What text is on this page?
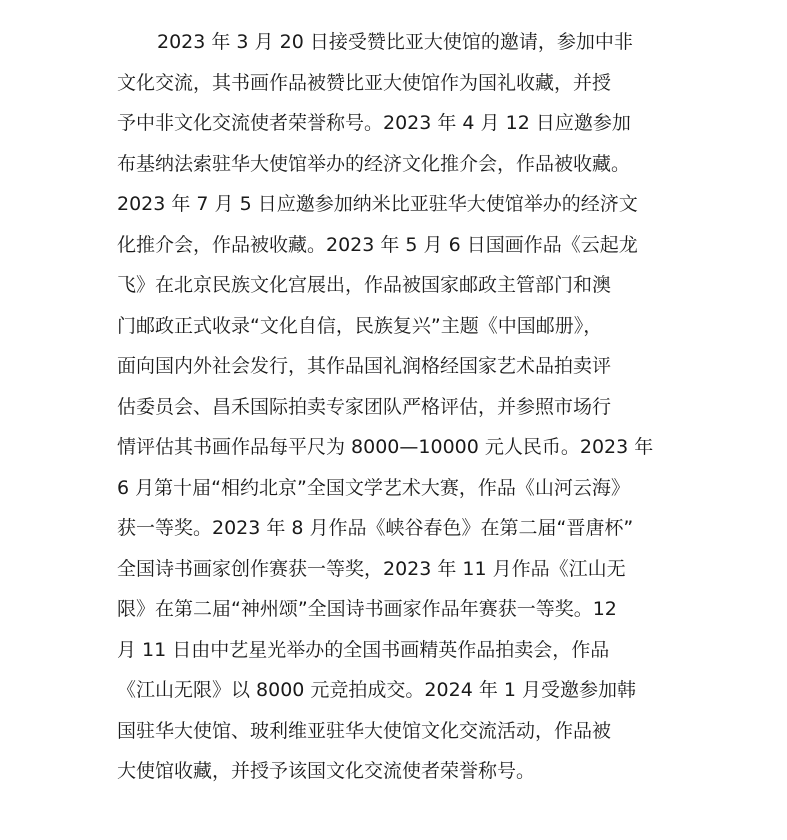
2023 年 3 月 20 日接受赞比亚大使馆的邀请，参加中非
文化交流，其书画作品被赞比亚大使馆作为国礼收藏，并授
予中非文化交流使者荣誉称号。2023 年 4 月 12 日应邀参加
布基纳法索驻华大使馆举办的经济文化推介会，作品被收藏。
2023 年 7 月 5 日应邀参加纳米比亚驻华大使馆举办的经济文
化推介会，作品被收藏。2023 年 5 月 6 日国画作品《云起龙
飞》在北京民族文化宫展出，作品被国家邮政主管部门和澳
门邮政正式收录“文化自信，民族复兴”主题《中国邮册》，
面向国内外社会发行，其作品国礼润格经国家艺术品拍卖评
估委员会、昌禾国际拍卖专家团队严格评估，并参照市场行
情评估其书画作品每平尺为 8000—10000 元人民币。2023 年
6 月第十届“相约北京”全国文学艺术大赛，作品《山河云海》
获一等奖。2023 年 8 月作品《峡谷春色》在第二届“晋唐杯”
全国诗书画家创作赛获一等奖，2023 年 11 月作品《江山无
限》在第二届“神州颂”全国诗书画家作品年赛获一等奖。12
月 11 日由中艺星光举办的全国书画精英作品拍卖会，作品
《江山无限》以 8000 元竞拍成交。2024 年 1 月受邀参加韩
国驻华大使馆、玻利维亚驻华大使馆文化交流活动，作品被
大使馆收藏，并授予该国文化交流使者荣誉称号。
